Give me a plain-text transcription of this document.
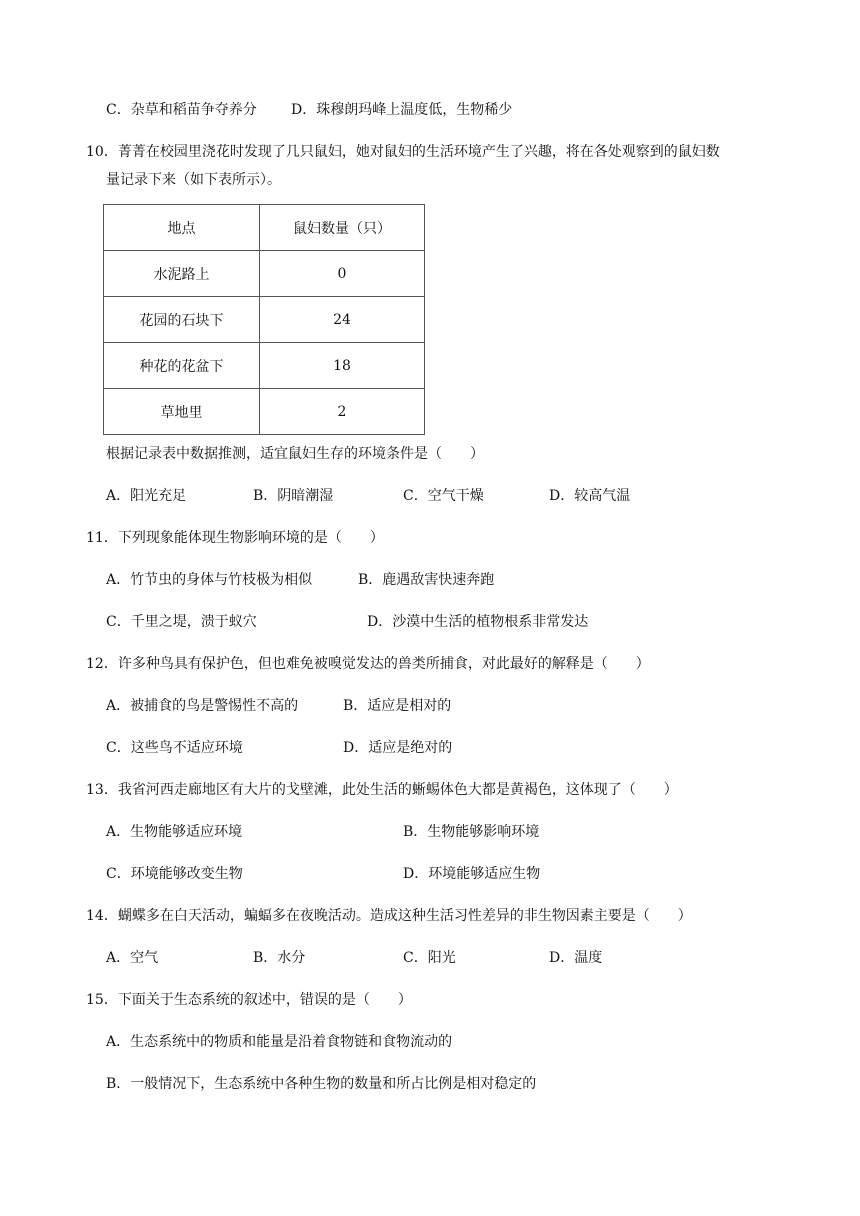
C．杂草和稻苗争夺养分 D．珠穆朗玛峰上温度低，生物稀少
10．菁菁在校园里浇花时发现了几只鼠妇，她对鼠妇的生活环境产生了兴趣，将在各处观察到的鼠妇数
量记录下来（如下表所示）。
地点	鼠妇数量（只）
水泥路上	0
花园的石块下	24
种花的花盆下	18
草地里	2
根据记录表中数据推测，适宜鼠妇生存的环境条件是（　　）
A．阳光充足	B．阴暗潮湿	C．空气干燥	D．较高气温
11．下列现象能体现生物影响环境的是（　　）
A．竹节虫的身体与竹枝极为相似	B．鹿遇敌害快速奔跑
C．千里之堤，溃于蚁穴	D．沙漠中生活的植物根系非常发达
12．许多种鸟具有保护色，但也难免被嗅觉发达的兽类所捕食，对此最好的解释是（　　）
A．被捕食的鸟是警惕性不高的	B．适应是相对的
C．这些鸟不适应环境	D．适应是绝对的
13．我省河西走廊地区有大片的戈壁滩，此处生活的蜥蜴体色大都是黄褐色，这体现了（　　）
A．生物能够适应环境	B．生物能够影响环境
C．环境能够改变生物	D．环境能够适应生物
14．蝴蝶多在白天活动，蝙蝠多在夜晚活动。造成这种生活习性差异的非生物因素主要是（　　）
A．空气	B．水分	C．阳光	D．温度
15．下面关于生态系统的叙述中，错误的是（　　）
A．生态系统中的物质和能量是沿着食物链和食物流动的
B．一般情况下，生态系统中各种生物的数量和所占比例是相对稳定的
